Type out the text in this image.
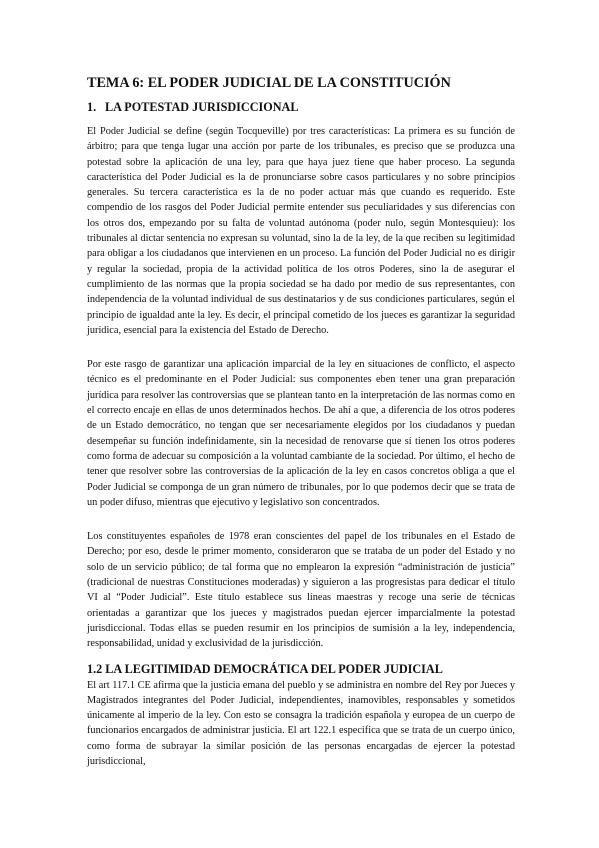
TEMA 6: EL PODER JUDICIAL DE LA CONSTITUCIÓN
1. LA POTESTAD JURISDICCIONAL

El Poder Judicial se define (según Tocqueville) por tres características: La primera es su función de árbitro; para que tenga lugar una acción por parte de los tribunales, es preciso que se produzca una potestad sobre la aplicación de una ley, para que haya juez tiene que haber proceso. La segunda característica del Poder Judicial es la de pronunciarse sobre casos particulares y no sobre principios generales. Su tercera característica es la de no poder actuar más que cuando es requerido. Este compendio de los rasgos del Poder Judicial permite entender sus peculiaridades y sus diferencias con los otros dos, empezando por su falta de voluntad autónoma (poder nulo, según Montesquieu): los tribunales al dictar sentencia no expresan su voluntad, sino la de la ley, de la que reciben su legitimidad para obligar a los ciudadanos que intervienen en un proceso. La función del Poder Judicial no es dirigir y regular la sociedad, propia de la actividad política de los otros Poderes, sino la de asegurar el cumplimiento de las normas que la propia sociedad se ha dado por medio de sus representantes, con independencia de la voluntad individual de sus destinatarios y de sus condiciones particulares, según el principio de igualdad ante la ley. Es decir, el principal cometido de los jueces es garantizar la seguridad jurídica, esencial para la existencia del Estado de Derecho.

Por este rasgo de garantizar una aplicación imparcial de la ley en situaciones de conflicto, el aspecto técnico es el predominante en el Poder Judicial: sus componentes eben tener una gran preparación jurídica para resolver las controversias que se plantean tanto en la interpretación de las normas como en el correcto encaje en ellas de unos determinados hechos. De ahí a que, a diferencia de los otros poderes de un Estado democrático, no tengan que ser necesariamente elegidos por los ciudadanos y puedan desempeñar su función indefinidamente, sin la necesidad de renovarse que sí tienen los otros poderes como forma de adecuar su composición a la voluntad cambiante de la sociedad. Por último, el hecho de tener que resolver sobre las controversias de la aplicación de la ley en casos concretos obliga a que el Poder Judicial se componga de un gran número de tribunales, por lo que podemos decir que se trata de un poder difuso, mientras que ejecutivo y legislativo son concentrados.

Los constituyentes españoles de 1978 eran conscientes del papel de los tribunales en el Estado de Derecho; por eso, desde le primer momento, consideraron que se trataba de un poder del Estado y no solo de un servicio público; de tal forma que no emplearon la expresión “administración de justicia” (tradicional de nuestras Constituciones moderadas) y siguieron a las progresistas para dedicar el título VI al “Poder Judicial”. Este título establece sus líneas maestras y recoge una serie de técnicas orientadas a garantizar que los jueces y magistrados puedan ejercer imparcialmente la potestad jurisdiccional. Todas ellas se pueden resumir en los principios de sumisión a la ley, independencia, responsabilidad, unidad y exclusividad de la jurisdicción.

1.2 LA LEGITIMIDAD DEMOCRÁTICA DEL PODER JUDICIAL

El art 117.1 CE afirma que la justicia emana del pueblo y se administra en nombre del Rey por Jueces y Magistrados integrantes del Poder Judicial, independientes, inamovibles, responsables y sometidos únicamente al imperio de la ley. Con esto se consagra la tradición española y europea de un cuerpo de funcionarios encargados de administrar justicia. El art 122.1 especifica que se trata de un cuerpo único, como forma de subrayar la similar posición de las personas encargadas de ejercer la potestad jurisdiccional,
